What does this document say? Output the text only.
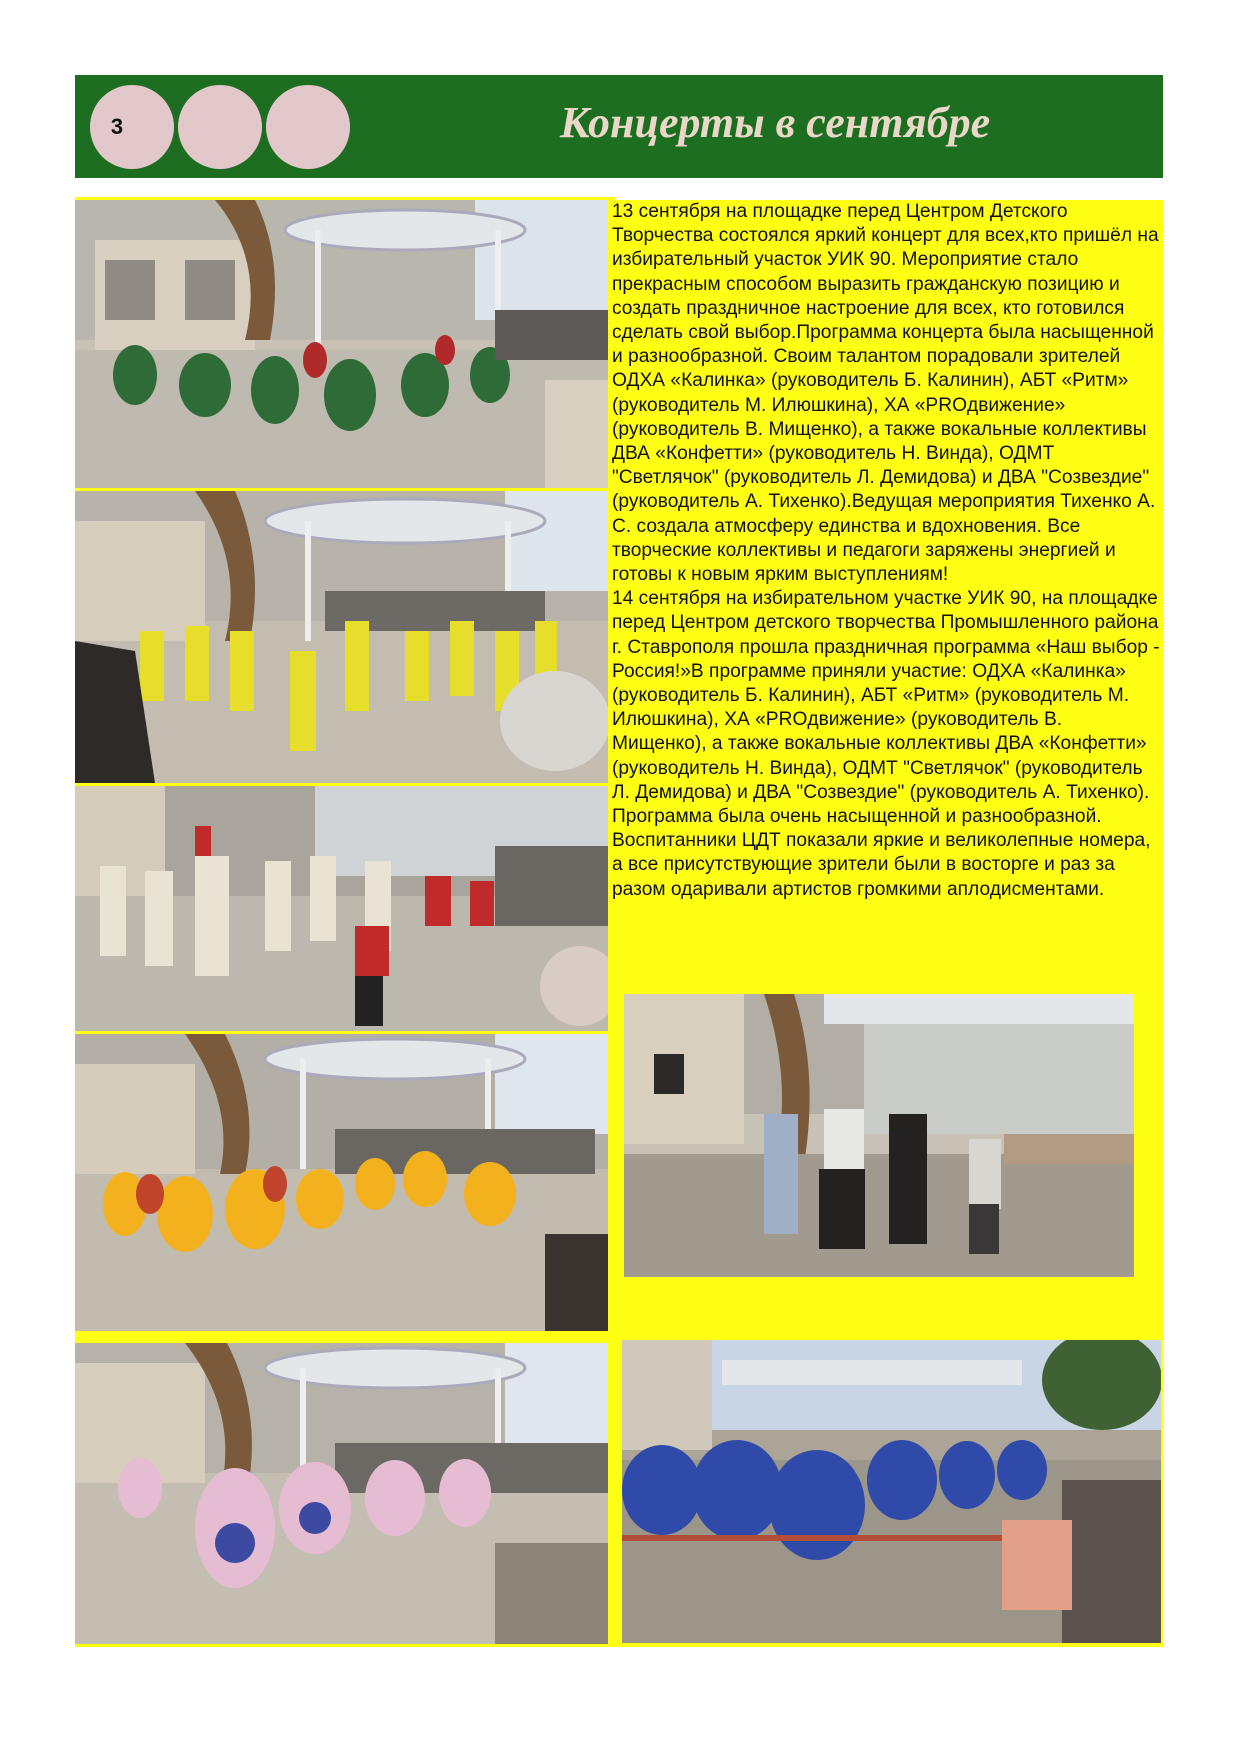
3	Концерты в сентябре

13 сентября на площадке перед Центром Детского Творчества состоялся яркий концерт для всех,кто пришёл на избирательный участок УИК 90. Мероприятие стало прекрасным способом выразить гражданскую позицию и создать праздничное настроение для всех, кто готовился сделать свой выбор.Программа концерта была насыщенной и разнообразной. Своим талантом порадовали зрителей ОДХА «Калинка» (руководитель Б. Калинин), АБТ «Ритм» (руководитель М. Илюшкина), ХА «PROдвижение» (руководитель В. Мищенко), а также вокальные коллективы ДВА «Конфетти» (руководитель Н. Винда), ОДМТ "Светлячок" (руководитель Л. Демидова) и ДВА "Созвездие" (руководитель А. Тихенко).Ведущая мероприятия Тихенко А. С. создала атмосферу единства и вдохновения. Все творческие коллективы и педагоги заряжены энергией и готовы к новым ярким выступлениям!

14 сентября на избирательном участке УИК 90, на площадке перед Центром детского творчества Промышленного района г. Ставрополя прошла праздничная программа «Наш выбор - Россия!»В программе приняли участие: ОДХА «Калинка» (руководитель Б. Калинин), АБТ «Ритм» (руководитель М. Илюшкина), ХА «PROдвижение» (руководитель В. Мищенко), а также вокальные коллективы ДВА «Конфетти» (руководитель Н. Винда), ОДМТ "Светлячок" (руководитель Л. Демидова) и ДВА "Созвездие" (руководитель А. Тихенко). Программа была очень насыщенной и разнообразной. Воспитанники ЦДТ показали яркие и великолепные номера, а все присутствующие зрители были в восторге и раз за разом одаривали артистов громкими аплодисментами.
